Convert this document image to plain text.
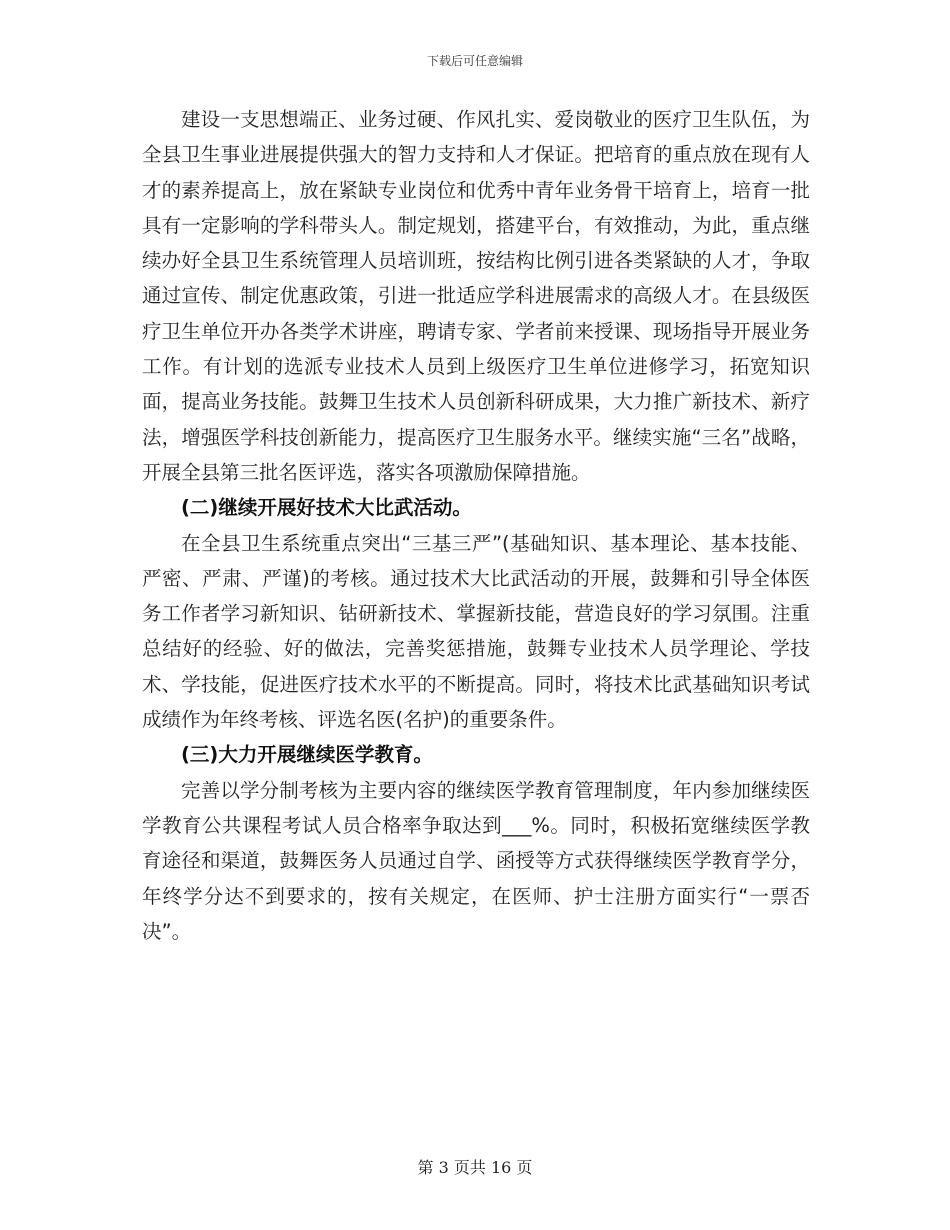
下载后可任意编辑

建设一支思想端正、业务过硬、作风扎实、爱岗敬业的医疗卫生队伍，为全县卫生事业进展提供强大的智力支持和人才保证。把培育的重点放在现有人才的素养提高上，放在紧缺专业岗位和优秀中青年业务骨干培育上，培育一批具有一定影响的学科带头人。制定规划，搭建平台，有效推动，为此，重点继续办好全县卫生系统管理人员培训班，按结构比例引进各类紧缺的人才，争取通过宣传、制定优惠政策，引进一批适应学科进展需求的高级人才。在县级医疗卫生单位开办各类学术讲座，聘请专家、学者前来授课、现场指导开展业务工作。有计划的选派专业技术人员到上级医疗卫生单位进修学习，拓宽知识面，提高业务技能。鼓舞卫生技术人员创新科研成果，大力推广新技术、新疗法，增强医学科技创新能力，提高医疗卫生服务水平。继续实施“三名”战略，开展全县第三批名医评选，落实各项激励保障措施。

(二)继续开展好技术大比武活动。

在全县卫生系统重点突出“三基三严”(基础知识、基本理论、基本技能、严密、严肃、严谨)的考核。通过技术大比武活动的开展，鼓舞和引导全体医务工作者学习新知识、钻研新技术、掌握新技能，营造良好的学习氛围。注重总结好的经验、好的做法，完善奖惩措施，鼓舞专业技术人员学理论、学技术、学技能，促进医疗技术水平的不断提高。同时，将技术比武基础知识考试成绩作为年终考核、评选名医(名护)的重要条件。

(三)大力开展继续医学教育。

完善以学分制考核为主要内容的继续医学教育管理制度，年内参加继续医学教育公共课程考试人员合格率争取达到___%。同时，积极拓宽继续医学教育途径和渠道，鼓舞医务人员通过自学、函授等方式获得继续医学教育学分，年终学分达不到要求的，按有关规定，在医师、护士注册方面实行“一票否决”。

第 3 页共 16 页
